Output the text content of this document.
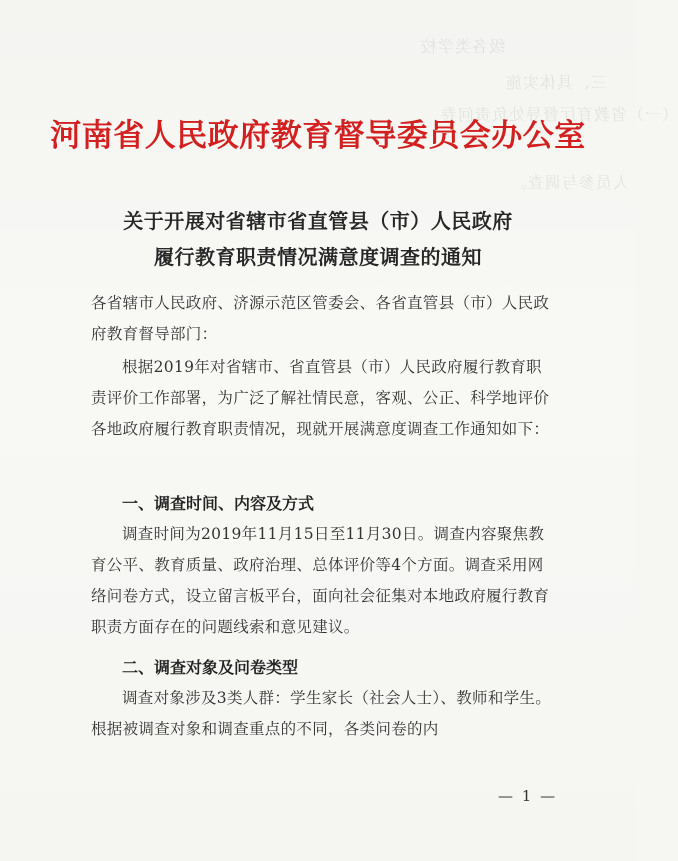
级各类学校
三、具体实施
（一）省教育厅督导处负责问卷
人员参与调查。
河南省人民政府教育督导委员会办公室
关于开展对省辖市省直管县（市）人民政府
履行教育职责情况满意度调查的通知
各省辖市人民政府、济源示范区管委会、各省直管县（市）人民政府教育督导部门：
根据2019年对省辖市、省直管县（市）人民政府履行教育职责评价工作部署，为广泛了解社情民意，客观、公正、科学地评价各地政府履行教育职责情况，现就开展满意度调查工作通知如下：
一、调查时间、内容及方式
调查时间为2019年11月15日至11月30日。调查内容聚焦教育公平、教育质量、政府治理、总体评价等4个方面。调查采用网络问卷方式，设立留言板平台，面向社会征集对本地政府履行教育职责方面存在的问题线索和意见建议。
二、调查对象及问卷类型
调查对象涉及3类人群：学生家长（社会人士）、教师和学生。根据被调查对象和调查重点的不同，各类问卷的内
— 1 —
